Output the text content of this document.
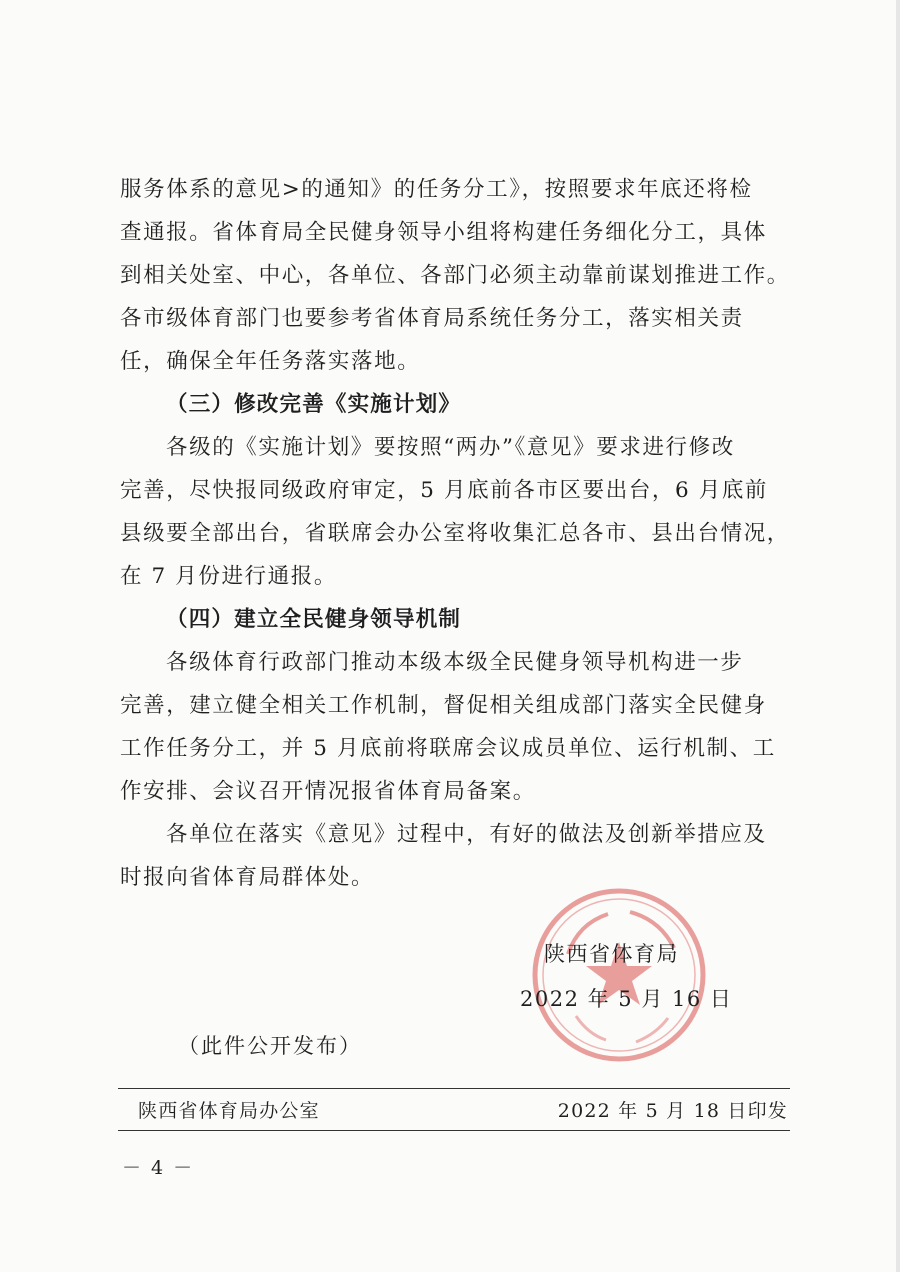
服务体系的意见>的通知》的任务分工》，按照要求年底还将检
查通报。省体育局全民健身领导小组将构建任务细化分工，具体
到相关处室、中心，各单位、各部门必须主动靠前谋划推进工作。
各市级体育部门也要参考省体育局系统任务分工，落实相关责
任，确保全年任务落实落地。
（三）修改完善《实施计划》
各级的《实施计划》要按照“两办”《意见》要求进行修改
完善，尽快报同级政府审定，5 月底前各市区要出台，6 月底前
县级要全部出台，省联席会办公室将收集汇总各市、县出台情况，
在 7 月份进行通报。
（四）建立全民健身领导机制
各级体育行政部门推动本级本级全民健身领导机构进一步
完善，建立健全相关工作机制，督促相关组成部门落实全民健身
工作任务分工，并 5 月底前将联席会议成员单位、运行机制、工
作安排、会议召开情况报省体育局备案。
各单位在落实《意见》过程中，有好的做法及创新举措应及
时报向省体育局群体处。
陕西省体育局
2022 年 5 月 16 日
（此件公开发布）
陕西省体育局办公室	2022 年 5 月 18 日印发
－ 4 －
